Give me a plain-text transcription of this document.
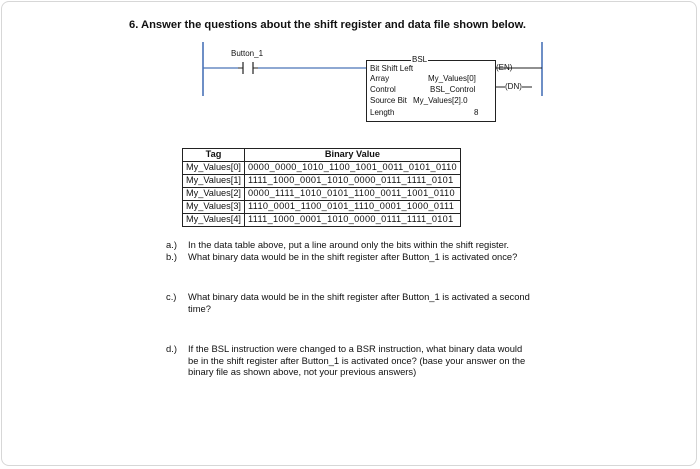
6. Answer the questions about the shift register and data file shown below.
Button_1
BSL
Bit Shift Left
Array	My_Values[0]
Control	BSL_Control
Source Bit My_Values[2].0
Length	8
(EN)
(DN)
Tag	Binary Value
My_Values[0]	0000_0000_1010_1100_1001_0011_0101_0110
My_Values[1]	1111_1000_0001_1010_0000_0111_1111_0101
My_Values[2]	0000_1111_1010_0101_1100_0011_1001_0110
My_Values[3]	1110_0001_1100_0101_1110_0001_1000_0111
My_Values[4]	1111_1000_0001_1010_0000_0111_1111_0101
a.) In the data table above, put a line around only the bits within the shift register.
b.) What binary data would be in the shift register after Button_1 is activated once?
c.) What binary data would be in the shift register after Button_1 is activated a second
time?
d.) If the BSL instruction were changed to a BSR instruction, what binary data would
be in the shift register after Button_1 is activated once? (base your answer on the
binary file as shown above, not your previous answers)
